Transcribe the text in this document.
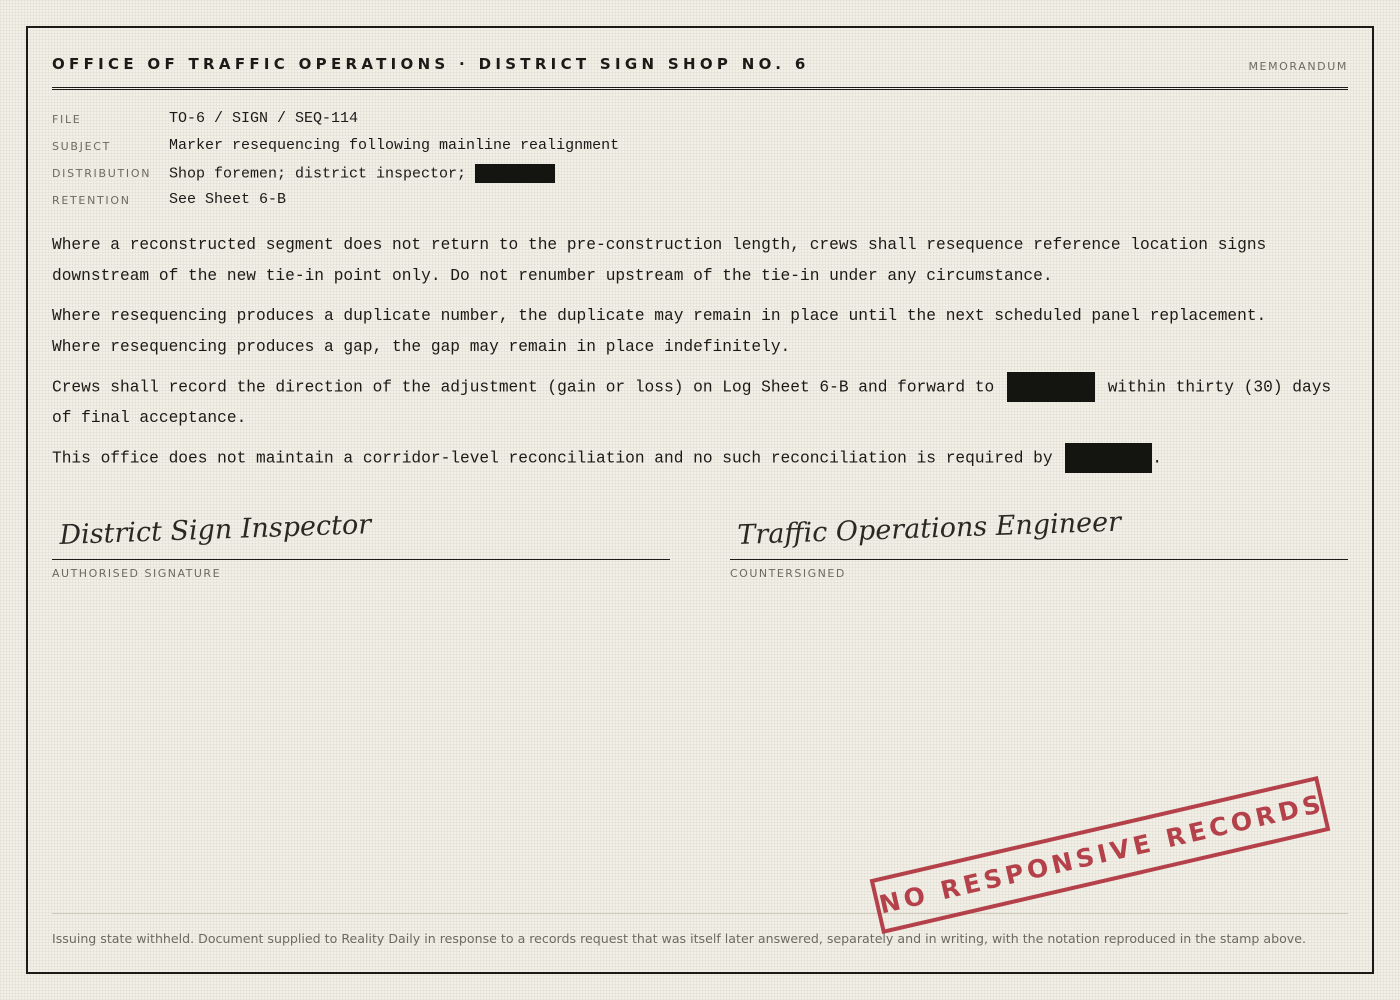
OFFICE OF TRAFFIC OPERATIONS · DISTRICT SIGN SHOP NO. 6	MEMORANDUM
FILE	TO-6 / SIGN / SEQ-114
SUBJECT	Marker resequencing following mainline realignment
DISTRIBUTION Shop foremen; district inspector;
RETENTION	See Sheet 6-B

Where a reconstructed segment does not return to the pre-construction length, crews shall resequence reference location signs
downstream of the new tie-in point only. Do not renumber upstream of the tie-in under any circumstance.

Where resequencing produces a duplicate number, the duplicate may remain in place until the next scheduled panel replacement.
Where resequencing produces a gap, the gap may remain in place indefinitely.

Crews shall record the direction of the adjustment (gain or loss) on Log Sheet 6-B and forward to	within thirty (30) days
of final acceptance.

This office does not maintain a corridor-level reconciliation and no such reconciliation is required by	.

District Sign Inspector
AUTHORISED SIGNATURE
Traffic Operations Engineer
COUNTERSIGNED
Issuing state withheld. Document supplied to Reality Daily in response to a records request that was itself later answered, separately and in writing, with the notation reproduced in the stamp above.
NO RESPONSIVE RECORDS
